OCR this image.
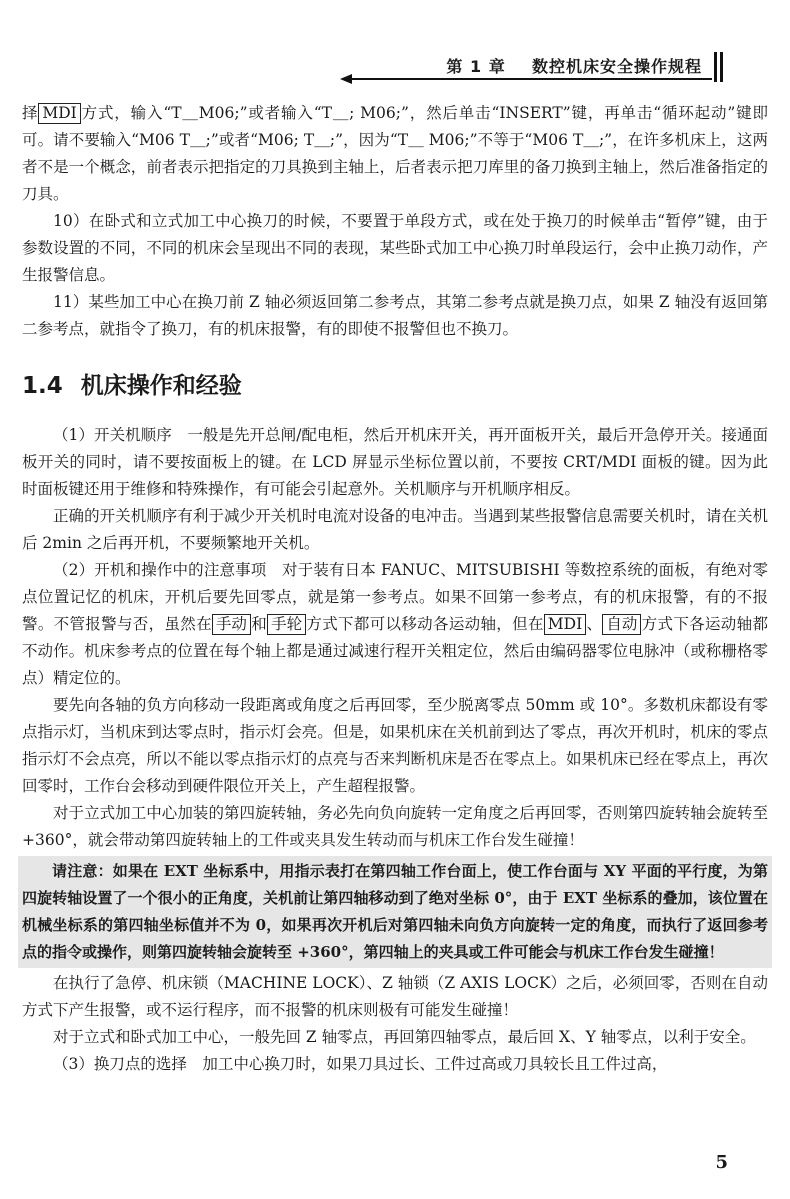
第 1 章 数控机床安全操作规程

择 MDI 方式，输入“T＿M06;”或者输入“T＿; M06;”，然后单击“INSERT”键，再单击“循环起动”键即可。请不要输入“M06 T＿;”或者“M06; T＿;”，因为“T＿ M06;”不等于“M06 T＿;”，在许多机床上，这两者不是一个概念，前者表示把指定的刀具换到主轴上，后者表示把刀库里的备刀换到主轴上，然后准备指定的刀具。

10）在卧式和立式加工中心换刀的时候，不要置于单段方式，或在处于换刀的时候单击“暂停”键，由于参数设置的不同，不同的机床会呈现出不同的表现，某些卧式加工中心换刀时单段运行，会中止换刀动作，产生报警信息。

11）某些加工中心在换刀前 Z 轴必须返回第二参考点，其第二参考点就是换刀点，如果 Z 轴没有返回第二参考点，就指令了换刀，有的机床报警，有的即使不报警但也不换刀。

1.4 机床操作和经验

（1）开关机顺序　一般是先开总闸/配电柜，然后开机床开关，再开面板开关，最后开急停开关。接通面板开关的同时，请不要按面板上的键。在 LCD 屏显示坐标位置以前，不要按 CRT/MDI 面板的键。因为此时面板键还用于维修和特殊操作，有可能会引起意外。关机顺序与开机顺序相反。

正确的开关机顺序有利于减少开关机时电流对设备的电冲击。当遇到某些报警信息需要关机时，请在关机后 2min 之后再开机，不要频繁地开关机。

（2）开机和操作中的注意事项　对于装有日本 FANUC、MITSUBISHI 等数控系统的面板，有绝对零点位置记忆的机床，开机后要先回零点，就是第一参考点。如果不回第一参考点，有的机床报警，有的不报警。不管报警与否，虽然在 手动 和 手轮 方式下都可以移动各运动轴，但在 MDI 、 自动 方式下各运动轴都不动作。机床参考点的位置在每个轴上都是通过减速行程开关粗定位，然后由编码器零位电脉冲（或称栅格零点）精定位的。

要先向各轴的负方向移动一段距离或角度之后再回零，至少脱离零点 50mm 或 10°。多数机床都设有零点指示灯，当机床到达零点时，指示灯会亮。但是，如果机床在关机前到达了零点，再次开机时，机床的零点指示灯不会点亮，所以不能以零点指示灯的点亮与否来判断机床是否在零点上。如果机床已经在零点上，再次回零时，工作台会移动到硬件限位开关上，产生超程报警。

对于立式加工中心加装的第四旋转轴，务必先向负向旋转一定角度之后再回零，否则第四旋转轴会旋转至 +360°，就会带动第四旋转轴上的工件或夹具发生转动而与机床工作台发生碰撞！

请注意：如果在 EXT 坐标系中，用指示表打在第四轴工作台面上，使工作台面与 XY 平面的平行度，为第四旋转轴设置了一个很小的正角度，关机前让第四轴移动到了绝对坐标 0°，由于 EXT 坐标系的叠加，该位置在机械坐标系的第四轴坐标值并不为 0，如果再次开机后对第四轴未向负方向旋转一定的角度，而执行了返回参考点的指令或操作，则第四旋转轴会旋转至 +360°，第四轴上的夹具或工件可能会与机床工作台发生碰撞！

在执行了急停、机床锁（MACHINE LOCK）、Z 轴锁（Z AXIS LOCK）之后，必须回零，否则在自动方式下产生报警，或不运行程序，而不报警的机床则极有可能发生碰撞！

对于立式和卧式加工中心，一般先回 Z 轴零点，再回第四轴零点，最后回 X、Y 轴零点，以利于安全。

（3）换刀点的选择　加工中心换刀时，如果刀具过长、工件过高或刀具较长且工件过高，

5
